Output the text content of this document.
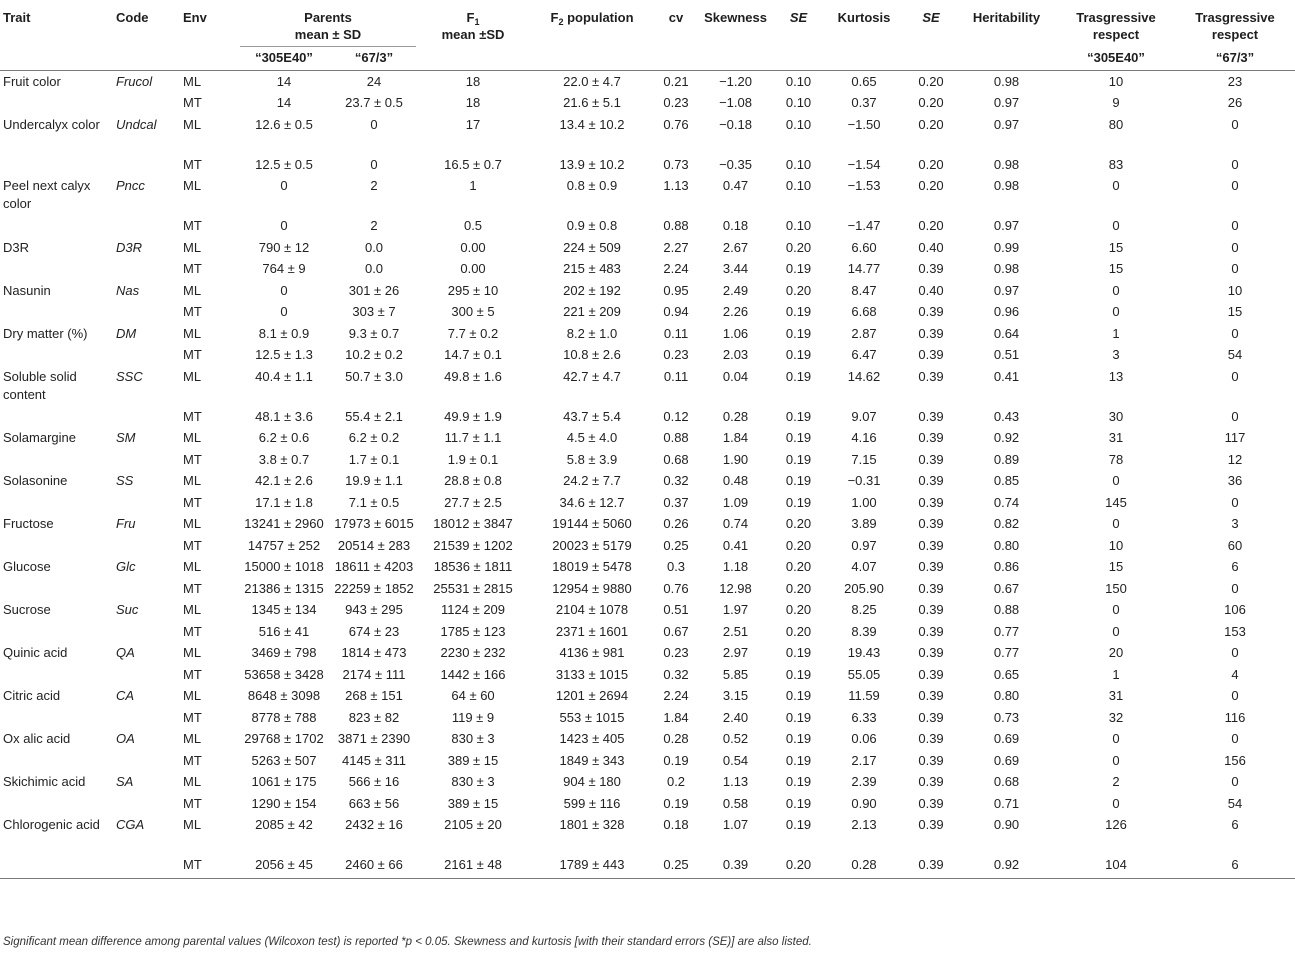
Trait	Code	Env	Parents		$F_1$	$F_2$ population	cv	Skewness	SE	Kurtosis	SE	Heritability	Trasgressive	Trasgressive
			mean ± SD		mean ±SD								respect	respect
			“305E40”	“67/3”									“305E40”	“67/3”
Fruit color	Frucol	ML	14	24	18	22.0 ± 4.7	0.21	−1.20	0.10	0.65	0.20	0.98	10	23
		MT	14	23.7 ± 0.5	18	21.6 ± 5.1	0.23	−1.08	0.10	0.37	0.20	0.97	9	26
Undercalyx color	Undcal	ML	12.6 ± 0.5	0	17	13.4 ± 10.2	0.76	−0.18	0.10	−1.50	0.20	0.97	80	0
		MT	12.5 ± 0.5	0	16.5 ± 0.7	13.9 ± 10.2	0.73	−0.35	0.10	−1.54	0.20	0.98	83	0
Peel next calyx color	Pncc	ML	0	2	1	0.8 ± 0.9	1.13	0.47	0.10	−1.53	0.20	0.98	0	0
		MT	0	2	0.5	0.9 ± 0.8	0.88	0.18	0.10	−1.47	0.20	0.97	0	0
D3R	D3R	ML	790 ± 12	0.0	0.00	224 ± 509	2.27	2.67	0.20	6.60	0.40	0.99	15	0
		MT	764 ± 9	0.0	0.00	215 ± 483	2.24	3.44	0.19	14.77	0.39	0.98	15	0
Nasunin	Nas	ML	0	301 ± 26	295 ± 10	202 ± 192	0.95	2.49	0.20	8.47	0.40	0.97	0	10
		MT	0	303 ± 7	300 ± 5	221 ± 209	0.94	2.26	0.19	6.68	0.39	0.96	0	15
Dry matter (%)	DM	ML	8.1 ± 0.9	9.3 ± 0.7	7.7 ± 0.2	8.2 ± 1.0	0.11	1.06	0.19	2.87	0.39	0.64	1	0
		MT	12.5 ± 1.3	10.2 ± 0.2	14.7 ± 0.1	10.8 ± 2.6	0.23	2.03	0.19	6.47	0.39	0.51	3	54
Soluble solid content	SSC	ML	40.4 ± 1.1	50.7 ± 3.0	49.8 ± 1.6	42.7 ± 4.7	0.11	0.04	0.19	14.62	0.39	0.41	13	0
		MT	48.1 ± 3.6	55.4 ± 2.1	49.9 ± 1.9	43.7 ± 5.4	0.12	0.28	0.19	9.07	0.39	0.43	30	0
Solamargine	SM	ML	6.2 ± 0.6	6.2 ± 0.2	11.7 ± 1.1	4.5 ± 4.0	0.88	1.84	0.19	4.16	0.39	0.92	31	117
		MT	3.8 ± 0.7	1.7 ± 0.1	1.9 ± 0.1	5.8 ± 3.9	0.68	1.90	0.19	7.15	0.39	0.89	78	12
Solasonine	SS	ML	42.1 ± 2.6	19.9 ± 1.1	28.8 ± 0.8	24.2 ± 7.7	0.32	0.48	0.19	−0.31	0.39	0.85	0	36
		MT	17.1 ± 1.8	7.1 ± 0.5	27.7 ± 2.5	34.6 ± 12.7	0.37	1.09	0.19	1.00	0.39	0.74	145	0
Fructose	Fru	ML	13241 ± 2960	17973 ± 6015	18012 ± 3847	19144 ± 5060	0.26	0.74	0.20	3.89	0.39	0.82	0	3
		MT	14757 ± 252	20514 ± 283	21539 ± 1202	20023 ± 5179	0.25	0.41	0.20	0.97	0.39	0.80	10	60
Glucose	Glc	ML	15000 ± 1018	18611 ± 4203	18536 ± 1811	18019 ± 5478	0.3	1.18	0.20	4.07	0.39	0.86	15	6
		MT	21386 ± 1315	22259 ± 1852	25531 ± 2815	12954 ± 9880	0.76	12.98	0.20	205.90	0.39	0.67	150	0
Sucrose	Suc	ML	1345 ± 134	943 ± 295	1124 ± 209	2104 ± 1078	0.51	1.97	0.20	8.25	0.39	0.88	0	106
		MT	516 ± 41	674 ± 23	1785 ± 123	2371 ± 1601	0.67	2.51	0.20	8.39	0.39	0.77	0	153
Quinic acid	QA	ML	3469 ± 798	1814 ± 473	2230 ± 232	4136 ± 981	0.23	2.97	0.19	19.43	0.39	0.77	20	0
		MT	53658 ± 3428	2174 ± 111	1442 ± 166	3133 ± 1015	0.32	5.85	0.19	55.05	0.39	0.65	1	4
Citric acid	CA	ML	8648 ± 3098	268 ± 151	64 ± 60	1201 ± 2694	2.24	3.15	0.19	11.59	0.39	0.80	31	0
		MT	8778 ± 788	823 ± 82	119 ± 9	553 ± 1015	1.84	2.40	0.19	6.33	0.39	0.73	32	116
Ox alic acid	OA	ML	29768 ± 1702	3871 ± 2390	830 ± 3	1423 ± 405	0.28	0.52	0.19	0.06	0.39	0.69	0	0
		MT	5263 ± 507	4145 ± 311	389 ± 15	1849 ± 343	0.19	0.54	0.19	2.17	0.39	0.69	0	156
Skichimic acid	SA	ML	1061 ± 175	566 ± 16	830 ± 3	904 ± 180	0.2	1.13	0.19	2.39	0.39	0.68	2	0
		MT	1290 ± 154	663 ± 56	389 ± 15	599 ± 116	0.19	0.58	0.19	0.90	0.39	0.71	0	54
Chlorogenic acid	CGA	ML	2085 ± 42	2432 ± 16	2105 ± 20	1801 ± 328	0.18	1.07	0.19	2.13	0.39	0.90	126	6
		MT	2056 ± 45	2460 ± 66	2161 ± 48	1789 ± 443	0.25	0.39	0.20	0.28	0.39	0.92	104	6
Significant mean difference among parental values (Wilcoxon test) is reported *p < 0.05. Skewness and kurtosis [with their standard errors (SE)] are also listed.
